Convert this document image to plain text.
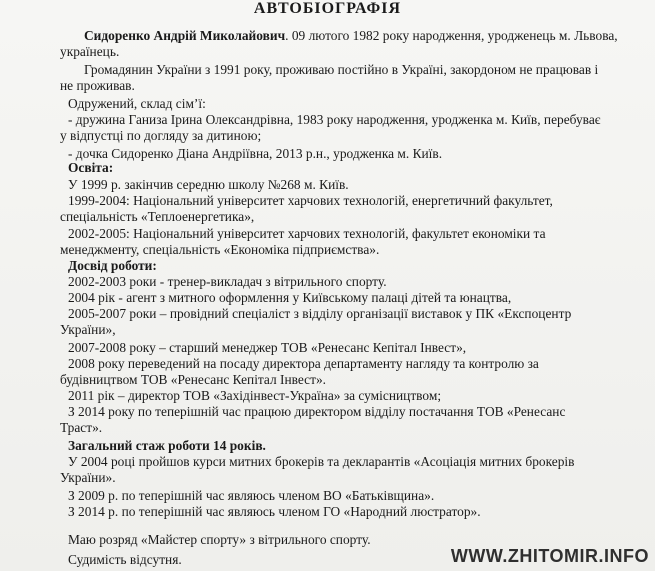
АВТОБІОГРАФІЯ
Сидоренко Андрій Миколайович. 09 лютого 1982 року народження, уродженець м. Львова,
українець.
Громадянин України з 1991 року, проживаю постійно в Україні, закордоном не працював і
не проживав.
Одружений, склад сім’ї:
- дружина Ганиза Ірина Олександрівна, 1983 року народження, уродженка м. Київ, перебуває
у відпустці по догляду за дитиною;
- дочка Сидоренко Діана Андріївна, 2013 р.н., уродженка м. Київ.
Освіта:
У 1999 р. закінчив середню школу №268 м. Київ.
1999-2004: Національний університет харчових технологій, енергетичний факультет,
спеціальність «Теплоенергетика»,
2002-2005: Національний університет харчових технологій, факультет економіки та
менеджменту, спеціальність «Економіка підприємства».
Досвід роботи:
2002-2003 роки - тренер-викладач з вітрильного спорту.
2004 рік - агент з митного оформлення у Київському палаці дітей та юнацтва,
2005-2007 роки – провідний спеціаліст з відділу організації виставок у ПК «Експоцентр
України»,
2007-2008 року – старший менеджер ТОВ «Ренесанс Кепітал Інвест»,
2008 року переведений на посаду директора департаменту нагляду та контролю за
будівництвом ТОВ «Ренесанс Кепітал Інвест».
2011 рік – директор ТОВ «Західінвест-Україна» за сумісництвом;
З 2014 року по теперішній час працюю директором відділу постачання ТОВ «Ренесанс
Траст».
Загальний стаж роботи 14 років.
У 2004 році пройшов курси митних брокерів та декларантів «Асоціація митних брокерів
України».
З 2009 р. по теперішній час являюсь членом ВО «Батьківщина».
З 2014 р. по теперішній час являюсь членом ГО «Народний люстратор».
Маю розряд «Майстер спорту» з вітрильного спорту.
Судимість відсутня.	WWW.ZHITOMIR.INFO
